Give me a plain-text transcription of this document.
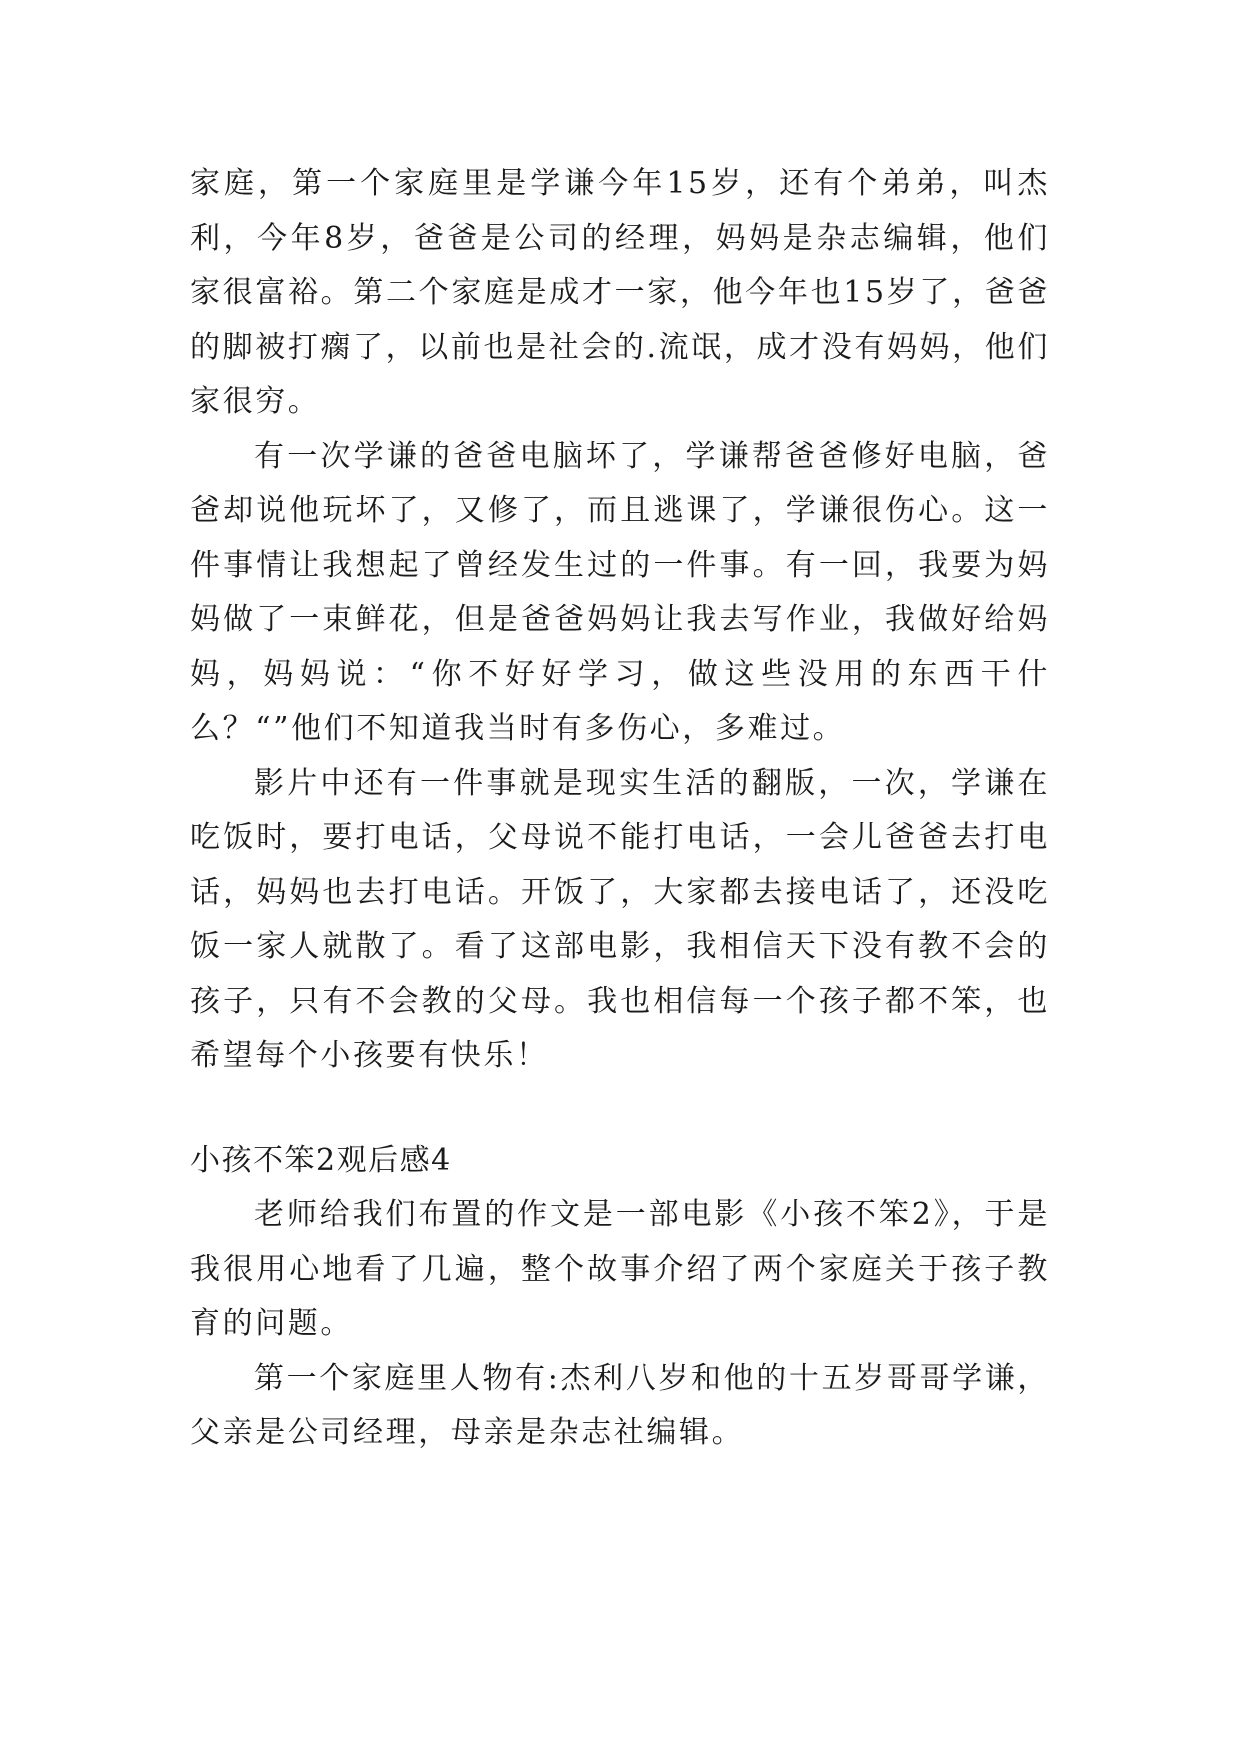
家庭，第一个家庭里是学谦今年15岁，还有个弟弟，叫杰利，今年8岁，爸爸是公司的经理，妈妈是杂志编辑，他们家很富裕。第二个家庭是成才一家，他今年也15岁了，爸爸的脚被打瘸了，以前也是社会的.流氓，成才没有妈妈，他们家很穷。

有一次学谦的爸爸电脑坏了，学谦帮爸爸修好电脑，爸爸却说他玩坏了，又修了，而且逃课了，学谦很伤心。这一件事情让我想起了曾经发生过的一件事。有一回，我要为妈妈做了一束鲜花，但是爸爸妈妈让我去写作业，我做好给妈妈，妈妈说：“你不好好学习，做这些没用的东西干什么？“”他们不知道我当时有多伤心，多难过。

影片中还有一件事就是现实生活的翻版，一次，学谦在吃饭时，要打电话，父母说不能打电话，一会儿爸爸去打电话，妈妈也去打电话。开饭了，大家都去接电话了，还没吃饭一家人就散了。看了这部电影，我相信天下没有教不会的孩子，只有不会教的父母。我也相信每一个孩子都不笨，也希望每个小孩要有快乐！

小孩不笨2观后感4

老师给我们布置的作文是一部电影《小孩不笨2》，于是我很用心地看了几遍，整个故事介绍了两个家庭关于孩子教育的问题。

第一个家庭里人物有:杰利八岁和他的十五岁哥哥学谦，父亲是公司经理，母亲是杂志社编辑。
